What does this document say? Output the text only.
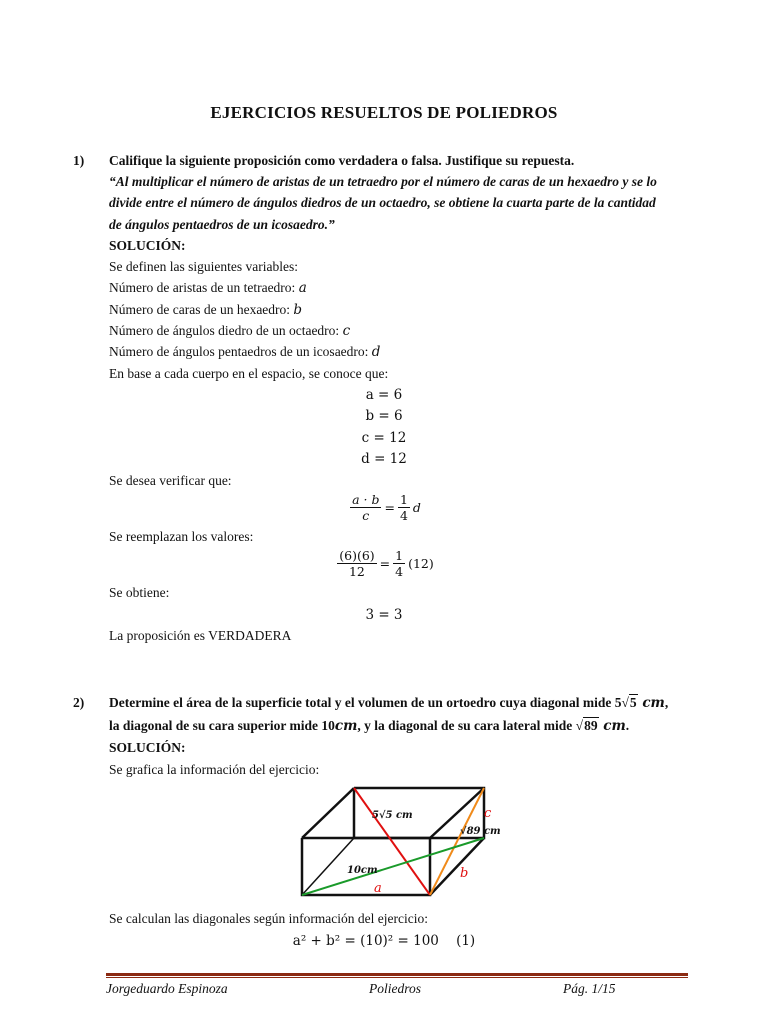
EJERCICIOS RESUELTOS DE POLIEDROS
1) Califique la siguiente proposición como verdadera o falsa. Justifique su repuesta.
“Al multiplicar el número de aristas de un tetraedro por el número de caras de un hexaedro y se lo
divide entre el número de ángulos diedros de un octaedro, se obtiene la cuarta parte de la cantidad
de ángulos pentaedros de un icosaedro.”
SOLUCIÓN:
Se definen las siguientes variables:
Número de aristas de un tetraedro: a
Número de caras de un hexaedro: b
Número de ángulos diedro de un octaedro: c
Número de ángulos pentaedros de un icosaedro: d
En base a cada cuerpo en el espacio, se conoce que:
a = 6
b = 6
c = 12
d = 12
Se desea verificar que:
$\frac{a \cdot b}{c} = \frac{1}{4}$ d
Se reemplazan los valores:
$\frac{(6)(6)}{12} = \frac{1}{4} (12)$
Se obtiene:
3 = 3
La proposición es VERDADERA
2) Determine el área de la superficie total y el volumen de un ortoedro cuya diagonal mide 5√5 cm,
la diagonal de su cara superior mide 10cm, y la diagonal de su cara lateral mide √89 cm.
SOLUCIÓN:
Se grafica la información del ejercicio:
5√5 cm
√89 cm
10cm
a
b
c
Se calculan las diagonales según información del ejercicio:
a² + b² = (10)² = 100 (1)
Jorgeduardo Espinoza	Poliedros	Pág. 1/15
